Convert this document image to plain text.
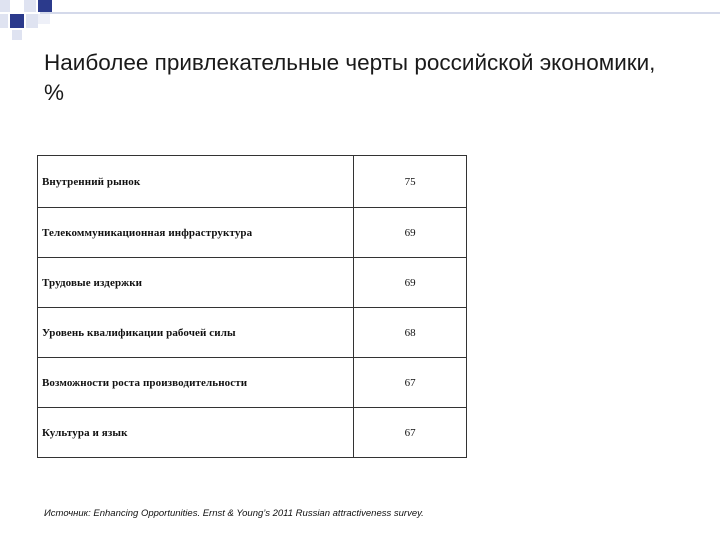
Наиболее привлекательные черты российской экономики, %
Внутренний рынок	75
Телекоммуникационная инфраструктура	69
Трудовые издержки	69
Уровень квалификации рабочей силы	68
Возможности роста производительности	67
Культура и язык	67
Источник: Enhancing Opportunities. Ernst & Young’s 2011 Russian attractiveness survey.
